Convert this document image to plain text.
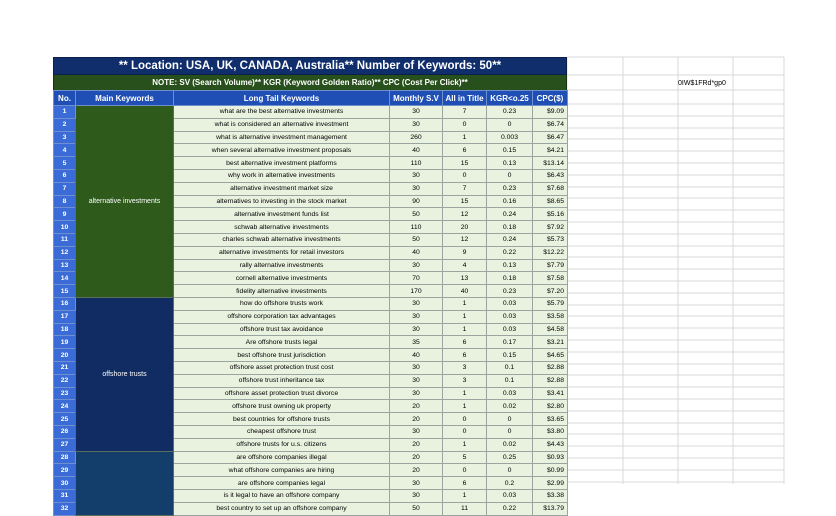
0IW$1FRd*gp0
** Location: USA, UK, CANADA, Australia** Number of Keywords: 50**
NOTE: SV (Search Volume)** KGR (Keyword Golden Ratio)** CPC (Cost Per Click)**
No.	Main Keywords	Long Tail Keywords	Monthly S.V	All in Title	KGR<o.25	CPC($)
1	alternative investments	what are the best alternative investments	30	7	0.23	$9.09
2		what is considered an alternative investment	30	0	0	$6.74
3		what is alternative investment management	260	1	0.003	$6.47
4		when several alternative investment proposals	40	6	0.15	$4.21
5		best alternative investment platforms	110	15	0.13	$13.14
6		why work in alternative investments	30	0	0	$6.43
7		alternative investment market size	30	7	0.23	$7.68
8		alternatives to investing in the stock market	90	15	0.16	$8.65
9		alternative investment funds list	50	12	0.24	$5.16
10		schwab alternative investments	110	20	0.18	$7.92
11		charles schwab alternative investments	50	12	0.24	$5.73
12		alternative investments for retail investors	40	9	0.22	$12.22
13		rally alternative investments	30	4	0.13	$7.79
14		cornell alternative investments	70	13	0.18	$7.58
15		fidelity alternative investments	170	40	0.23	$7.20
16	offshore trusts	how do offshore trusts work	30	1	0.03	$5.79
17		offshore corporation tax advantages	30	1	0.03	$3.58
18		offshore trust tax avoidance	30	1	0.03	$4.58
19		Are offshore trusts legal	35	6	0.17	$3.21
20		best offshore trust jurisdiction	40	6	0.15	$4.65
21		offshore asset protection trust cost	30	3	0.1	$2.88
22		offshore trust inheritance tax	30	3	0.1	$2.88
23		offshore asset protection trust divorce	30	1	0.03	$3.41
24		offshore trust owning uk property	20	1	0.02	$2.80
25		best countries for offshore trusts	20	0	0	$3.65
26		cheapest offshore trust	30	0	0	$3.80
27		offshore trusts for u.s. citizens	20	1	0.02	$4.43
28		are offshore companies illegal	20	5	0.25	$0.93
29		what offshore companies are hiring	20	0	0	$0.99
30		are offshore companies legal	30	6	0.2	$2.99
31		is it legal to have an offshore company	30	1	0.03	$3.38
32		best country to set up an offshore company	50	11	0.22	$13.79
